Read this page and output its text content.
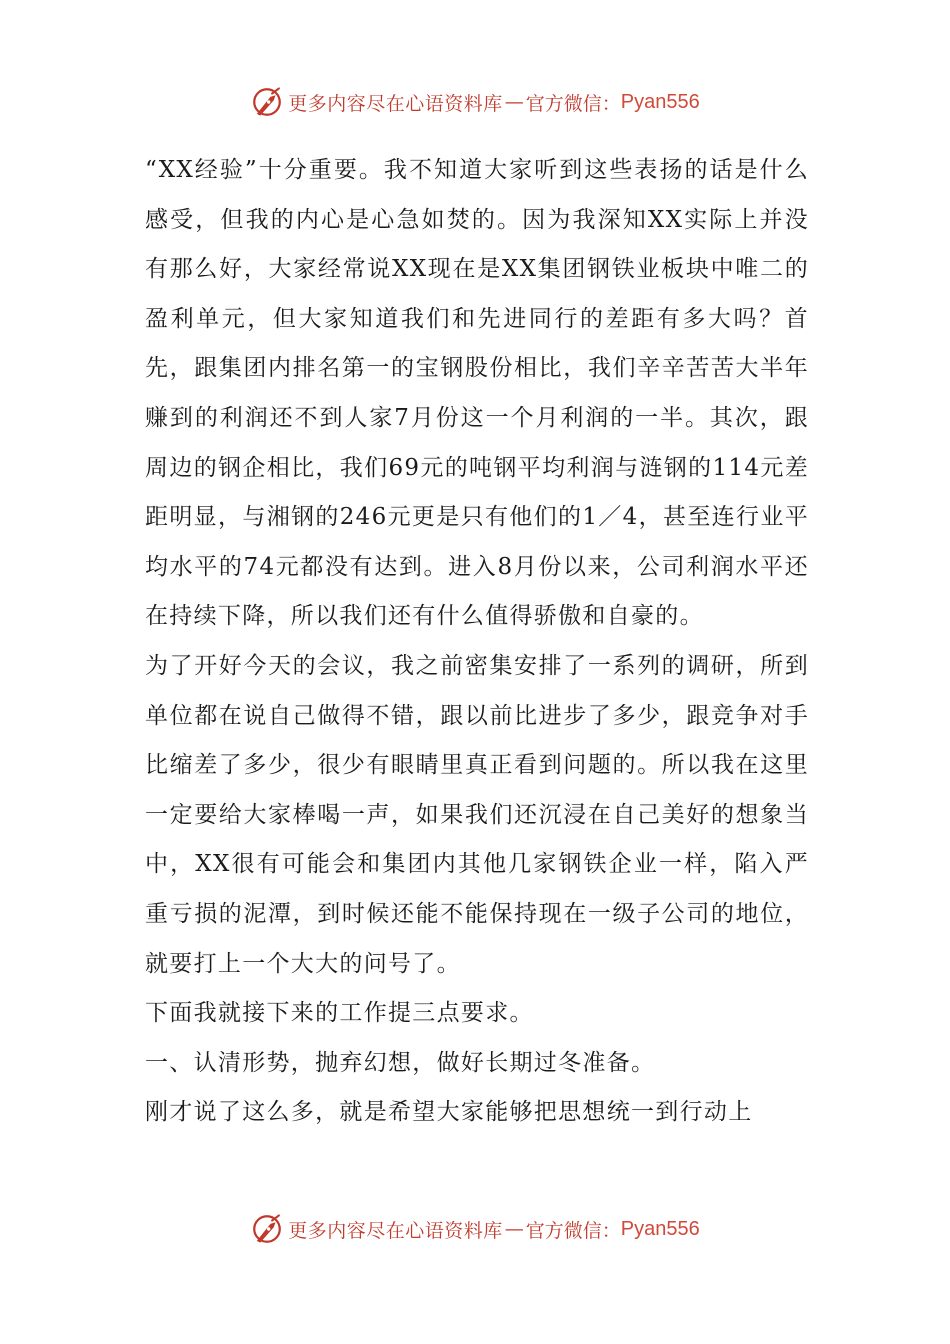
更多内容尽在心语资料库 — 官方微信： Pyan556

“XX经验”十分重要。我不知道大家听到这些表扬的话是什么感受，但我的内心是心急如焚的。因为我深知XX实际上并没有那么好，大家经常说XX现在是XX集团钢铁业板块中唯二的盈利单元，但大家知道我们和先进同行的差距有多大吗？首先，跟集团内排名第一的宝钢股份相比，我们辛辛苦苦大半年赚到的利润还不到人家7月份这一个月利润的一半。其次，跟周边的钢企相比，我们69元的吨钢平均利润与涟钢的114元差距明显，与湘钢的246元更是只有他们的1／4，甚至连行业平均水平的74元都没有达到。进入8月份以来，公司利润水平还在持续下降，所以我们还有什么值得骄傲和自豪的。

为了开好今天的会议，我之前密集安排了一系列的调研，所到单位都在说自己做得不错，跟以前比进步了多少，跟竞争对手比缩差了多少，很少有眼睛里真正看到问题的。所以我在这里一定要给大家棒喝一声，如果我们还沉浸在自己美好的想象当中，XX很有可能会和集团内其他几家钢铁企业一样，陷入严重亏损的泥潭，到时候还能不能保持现在一级子公司的地位，就要打上一个大大的问号了。

下面我就接下来的工作提三点要求。

一、认清形势，抛弃幻想，做好长期过冬准备。

刚才说了这么多，就是希望大家能够把思想统一到行动上

更多内容尽在心语资料库 — 官方微信： Pyan556
